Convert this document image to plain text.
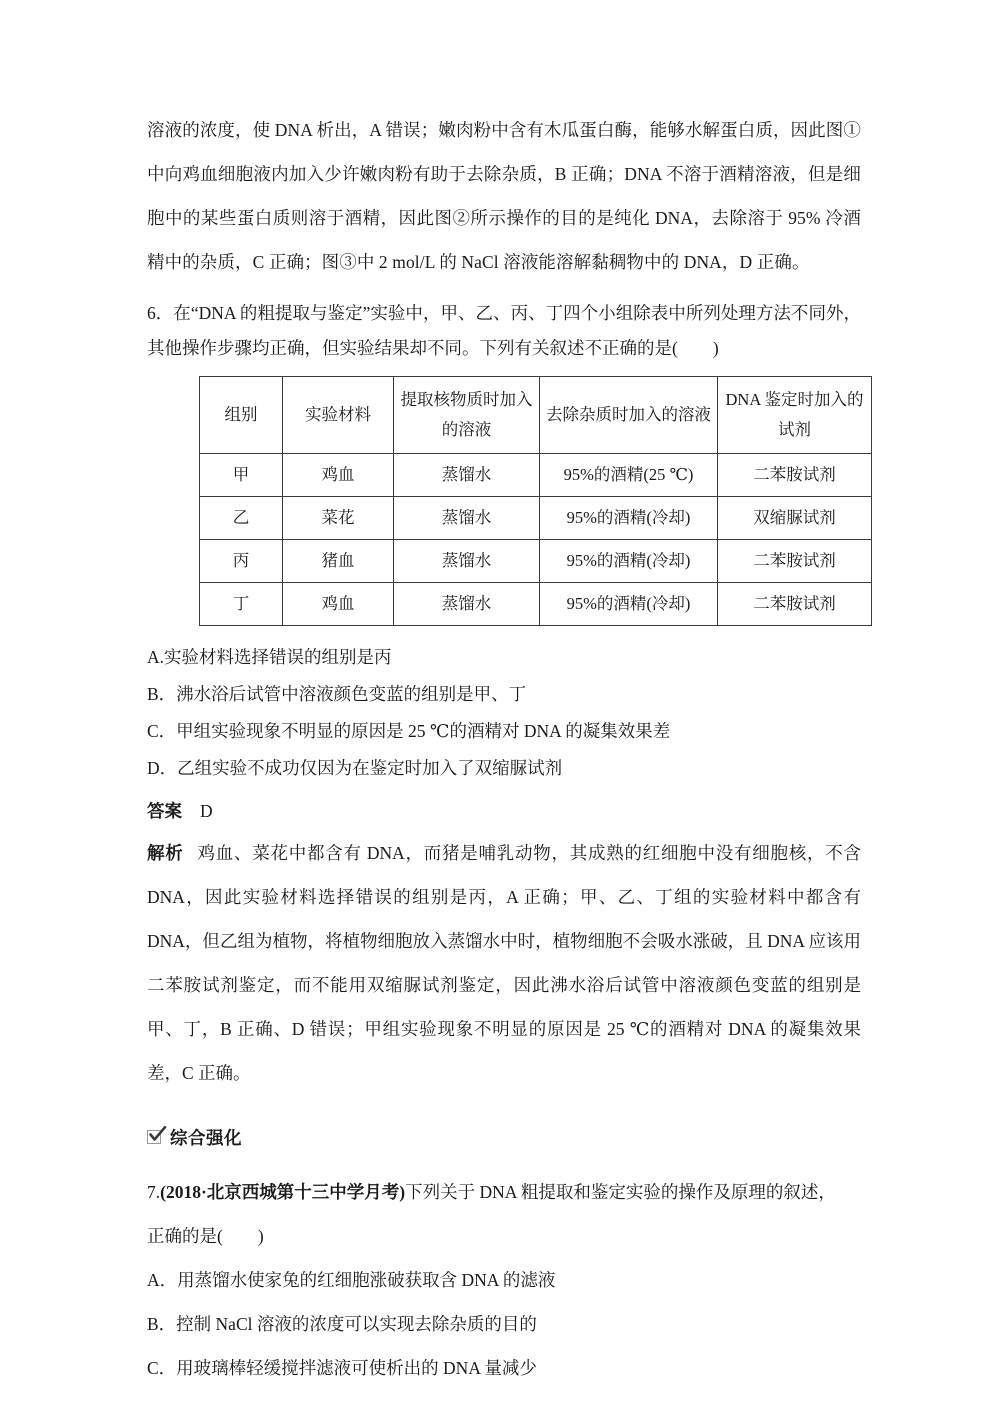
溶液的浓度，使 DNA 析出，A 错误；嫩肉粉中含有木瓜蛋白酶，能够水解蛋白质，因此图①中向鸡血细胞液内加入少许嫩肉粉有助于去除杂质，B 正确；DNA 不溶于酒精溶液，但是细胞中的某些蛋白质则溶于酒精，因此图②所示操作的目的是纯化 DNA，去除溶于 95% 冷酒精中的杂质，C 正确；图③中 2 mol/L 的 NaCl 溶液能溶解黏稠物中的 DNA，D 正确。
6．在“DNA 的粗提取与鉴定”实验中，甲、乙、丙、丁四个小组除表中所列处理方法不同外，其他操作步骤均正确，但实验结果却不同。下列有关叙述不正确的是(　　)
组别	实验材料	提取核物质时加入的溶液	去除杂质时加入的溶液	DNA 鉴定时加入的试剂
甲	鸡血	蒸馏水	95%的酒精(25 ℃)	二苯胺试剂
乙	菜花	蒸馏水	95%的酒精(冷却)	双缩脲试剂
丙	猪血	蒸馏水	95%的酒精(冷却)	二苯胺试剂
丁	鸡血	蒸馏水	95%的酒精(冷却)	二苯胺试剂
A.实验材料选择错误的组别是丙
B．沸水浴后试管中溶液颜色变蓝的组别是甲、丁
C．甲组实验现象不明显的原因是 25 ℃的酒精对 DNA 的凝集效果差
D．乙组实验不成功仅因为在鉴定时加入了双缩脲试剂
答案 D
解析 鸡血、菜花中都含有 DNA，而猪是哺乳动物，其成熟的红细胞中没有细胞核，不含 DNA，因此实验材料选择错误的组别是丙，A 正确；甲、乙、丁组的实验材料中都含有 DNA，但乙组为植物，将植物细胞放入蒸馏水中时，植物细胞不会吸水涨破，且 DNA 应该用二苯胺试剂鉴定，而不能用双缩脲试剂鉴定，因此沸水浴后试管中溶液颜色变蓝的组别是甲、丁，B 正确、D 错误；甲组实验现象不明显的原因是 25 ℃的酒精对 DNA 的凝集效果差，C 正确。
综合强化
7.(2018·北京西城第十三中学月考)下列关于 DNA 粗提取和鉴定实验的操作及原理的叙述，
正确的是(　　)
A．用蒸馏水使家兔的红细胞涨破获取含 DNA 的滤液
B．控制 NaCl 溶液的浓度可以实现去除杂质的目的
C．用玻璃棒轻缓搅拌滤液可使析出的 DNA 量减少
